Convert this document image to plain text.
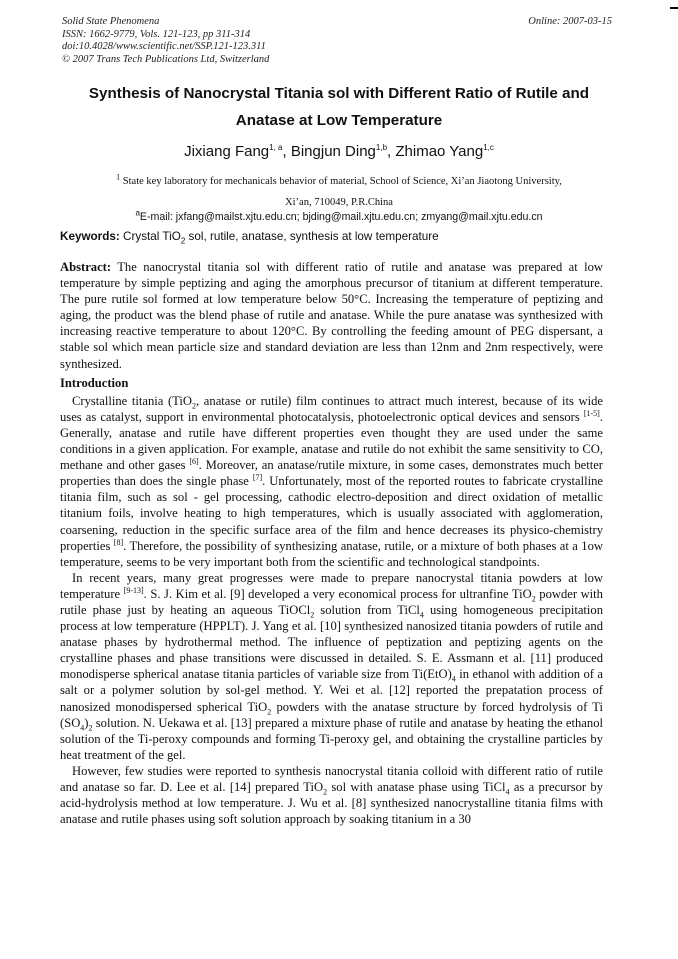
Solid State Phenomena
ISSN: 1662-9779, Vols. 121-123, pp 311-314
doi:10.4028/www.scientific.net/SSP.121-123.311
© 2007 Trans Tech Publications Ltd, Switzerland
Online: 2007-03-15
Synthesis of Nanocrystal Titania sol with Different Ratio of Rutile and
Anatase at Low Temperature
Jixiang Fang$^{1, a}$, Bingjun Ding$^{1,b}$, Zhimao Yang$^{1,c}$
$^1$ State key laboratory for mechanicals behavior of material, School of Science, Xi’an Jiaotong University,
Xi’an, 710049, P.R.China
$^a$E-mail: jxfang@mailst.xjtu.edu.cn; bjding@mail.xjtu.edu.cn; zmyang@mail.xjtu.edu.cn
Keywords: Crystal TiO$_2$ sol, rutile, anatase, synthesis at low temperature

Abstract: The nanocrystal titania sol with different ratio of rutile and anatase was prepared at low temperature by simple peptizing and aging the amorphous precursor of titanium at different temperature. The pure rutile sol formed at low temperature below 50°C. Increasing the temperature of peptizing and aging, the product was the blend phase of rutile and anatase. While the pure anatase was synthesized with increasing reactive temperature to about 120°C. By controlling the feeding amount of PEG dispersant, a stable sol which mean particle size and standard deviation are less than 12nm and 2nm respectively, were synthesized.

Introduction

Crystalline titania (TiO$_2$, anatase or rutile) film continues to attract much interest, because of its wide uses as catalyst, support in environmental photocatalysis, photoelectronic optical devices and sensors [1-5]. Generally, anatase and rutile have different properties even thought they are used under the same conditions in a given application. For example, anatase and rutile do not exhibit the same sensitivity to CO, methane and other gases [6]. Moreover, an anatase/rutile mixture, in some cases, demonstrates much better properties than does the single phase [7]. Unfortunately, most of the reported routes to fabricate crystalline titania film, such as sol - gel processing, cathodic electro-deposition and direct oxidation of metallic titanium foils, involve heating to high temperatures, which is usually associated with agglomeration, coarsening, reduction in the specific surface area of the film and hence decreases its physico-chemistry properties [8]. Therefore, the possibility of synthesizing anatase, rutile, or a mixture of both phases at a 1ow temperature, seems to be very important both from the scientific and technological standpoints.

In recent years, many great progresses were made to prepare nanocrystal titania powders at low temperature [9-13]. S. J. Kim et al. [9] developed a very economical process for ultranfine TiO$_2$ powder with rutile phase just by heating an aqueous TiOCl$_2$ solution from TiCl$_4$ using homogeneous precipitation process at low temperature (HPPLT). J. Yang et al. [10] synthesized nanosized titania powders of rutile and anatase phases by hydrothermal method. The influence of peptization and peptizing agents on the crystalline phases and phase transitions were discussed in detailed. S. E. Assmann et al. [11] produced monodisperse spherical anatase titania particles of variable size from $Ti(EtO)_4$ in ethanol with addition of a salt or a polymer solution by sol-gel method. Y. Wei et al. [12] reported the prepatation process of nanosized monodispersed spherical TiO$_2$ powders with the anatase structure by forced hydrolysis of Ti $(SO_4)_2$ solution. N. Uekawa et al. [13] prepared a mixture phase of rutile and anatase by heating the ethanol solution of the Ti-peroxy compounds and forming Ti-peroxy gel, and obtaining the crystalline particles by heat treatment of the gel.

However, few studies were reported to synthesis nanocrystal titania colloid with different ratio of rutile and anatase so far. D. Lee et al. [14] prepared TiO$_2$ sol with anatase phase using TiCl$_4$ as a precursor by acid-hydrolysis method at low temperature. J. Wu et al. [8] synthesized nanocrystalline titania films with anatase and rutile phases using soft solution approach by soaking titanium in a 30
